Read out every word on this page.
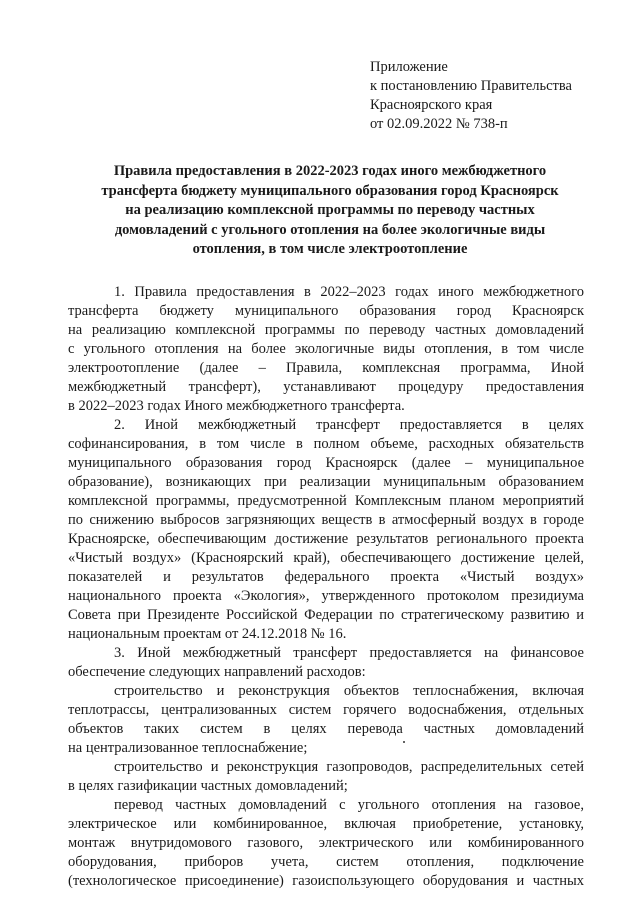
Приложение
к постановлению Правительства
Красноярского края
от 02.09.2022 № 738-п
Правила предоставления в 2022-2023 годах иного межбюджетного
трансферта бюджету муниципального образования город Красноярск
на реализацию комплексной программы по переводу частных
домовладений с угольного отопления на более экологичные виды
отопления, в том числе электроотопление
1. Правила предоставления в 2022–2023 годах иного межбюджетного
трансферта бюджету муниципального образования город Красноярск
на реализацию комплексной программы по переводу частных домовладений
с угольного отопления на более экологичные виды отопления, в том числе
электроотопление (далее – Правила, комплексная программа, Иной
межбюджетный трансферт), устанавливают процедуру предоставления
в 2022–2023 годах Иного межбюджетного трансферта.
2. Иной межбюджетный трансферт предоставляется в целях
софинансирования, в том числе в полном объеме, расходных обязательств
муниципального образования город Красноярск (далее – муниципальное
образование), возникающих при реализации муниципальным образованием
комплексной программы, предусмотренной Комплексным планом мероприятий
по снижению выбросов загрязняющих веществ в атмосферный воздух в городе
Красноярске, обеспечивающим достижение результатов регионального проекта
«Чистый воздух» (Красноярский край), обеспечивающего достижение целей,
показателей и результатов федерального проекта «Чистый воздух»
национального проекта «Экология», утвержденного протоколом президиума
Совета при Президенте Российской Федерации по стратегическому развитию и
национальным проектам от 24.12.2018 № 16.
3. Иной межбюджетный трансферт предоставляется на финансовое
обеспечение следующих направлений расходов:
строительство и реконструкция объектов теплоснабжения, включая
теплотрассы, централизованных систем горячего водоснабжения, отдельных
объектов таких систем в целях перевода частных домовладений
на централизованное теплоснабжение;
строительство и реконструкция газопроводов, распределительных сетей
в целях газификации частных домовладений;
перевод частных домовладений с угольного отопления на газовое,
электрическое или комбинированное, включая приобретение, установку,
монтаж внутридомового газового, электрического или комбинированного
оборудования, приборов учета, систем отопления, подключение
(технологическое присоединение) газоиспользующего оборудования и частных
